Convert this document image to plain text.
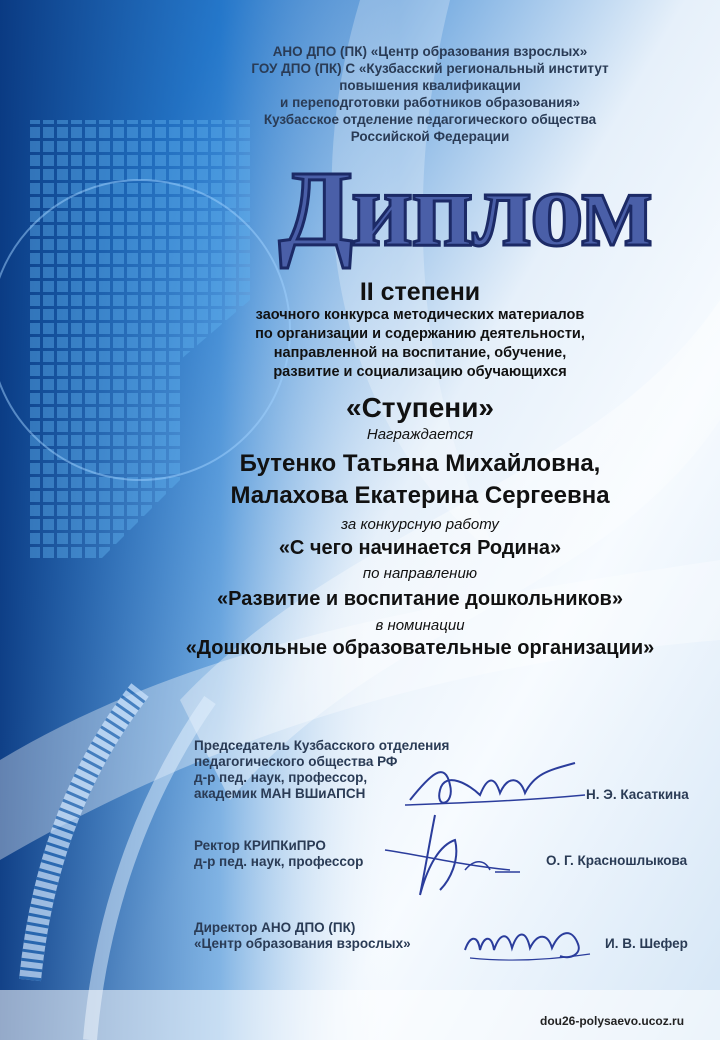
АНО ДПО (ПК) «Центр образования взрослых»
ГОУ ДПО (ПК) С «Кузбасский региональный институт
повышения квалификации
и переподготовки работников образования»
Кузбасское отделение педагогического общества
Российской Федерации
Диплом
II степени
заочного конкурса методических материалов
по организации и содержанию деятельности,
направленной на воспитание, обучение,
развитие и социализацию обучающихся
«Ступени»
Награждается
Бутенко Татьяна Михайловна,
Малахова Екатерина Сергеевна
за конкурсную работу
«С чего начинается Родина»
по направлению
«Развитие и воспитание дошкольников»
в номинации
«Дошкольные образовательные организации»
Председатель Кузбасского отделения
педагогического общества РФ
д-р пед. наук, профессор,
академик МАН ВШиАПСН	Н. Э. Касаткина
Ректор КРИПКиПРО
д-р пед. наук, профессор	О. Г. Красношлыкова
Директор АНО ДПО (ПК)
«Центр образования взрослых»	И. В. Шефер
dou26-polysaevo.ucoz.ru
